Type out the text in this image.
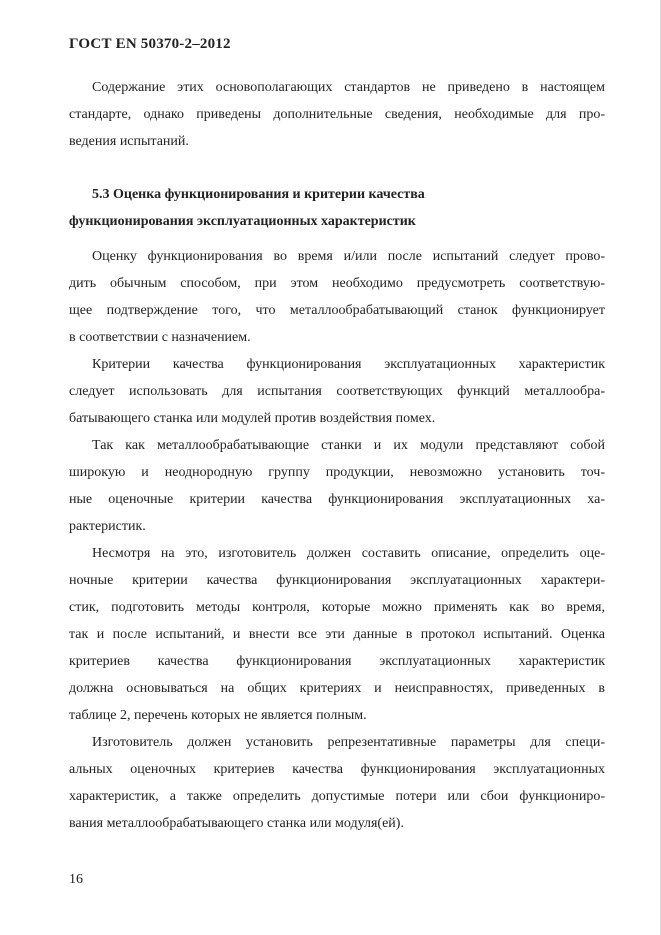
ГОСТ EN 50370-2–2012
Содержание этих основополагающих стандартов не приведено в настоящем
стандарте, однако приведены дополнительные сведения, необходимые для про-
ведения испытаний.
5.3 Оценка функционирования и критерии качества
функционирования эксплуатационных характеристик
Оценку функционирования во время и/или после испытаний следует прово-
дить обычным способом, при этом необходимо предусмотреть соответствую-
щее подтверждение того, что металлообрабатывающий станок функционирует
в соответствии с назначением.
Критерии качества функционирования эксплуатационных характеристик
следует использовать для испытания соответствующих функций металлообра-
батывающего станка или модулей против воздействия помех.
Так как металлообрабатывающие станки и их модули представляют собой
широкую и неоднородную группу продукции, невозможно установить точ-
ные оценочные критерии качества функционирования эксплуатационных ха-
рактеристик.
Несмотря на это, изготовитель должен составить описание, определить оце-
ночные критерии качества функционирования эксплуатационных характери-
стик, подготовить методы контроля, которые можно применять как во время,
так и после испытаний, и внести все эти данные в протокол испытаний. Оценка
критериев качества функционирования эксплуатационных характеристик
должна основываться на общих критериях и неисправностях, приведенных в
таблице 2, перечень которых не является полным.
Изготовитель должен установить репрезентативные параметры для специ-
альных оценочных критериев качества функционирования эксплуатационных
характеристик, а также определить допустимые потери или сбои функциониро-
вания металлообрабатывающего станка или модуля(ей).
16
